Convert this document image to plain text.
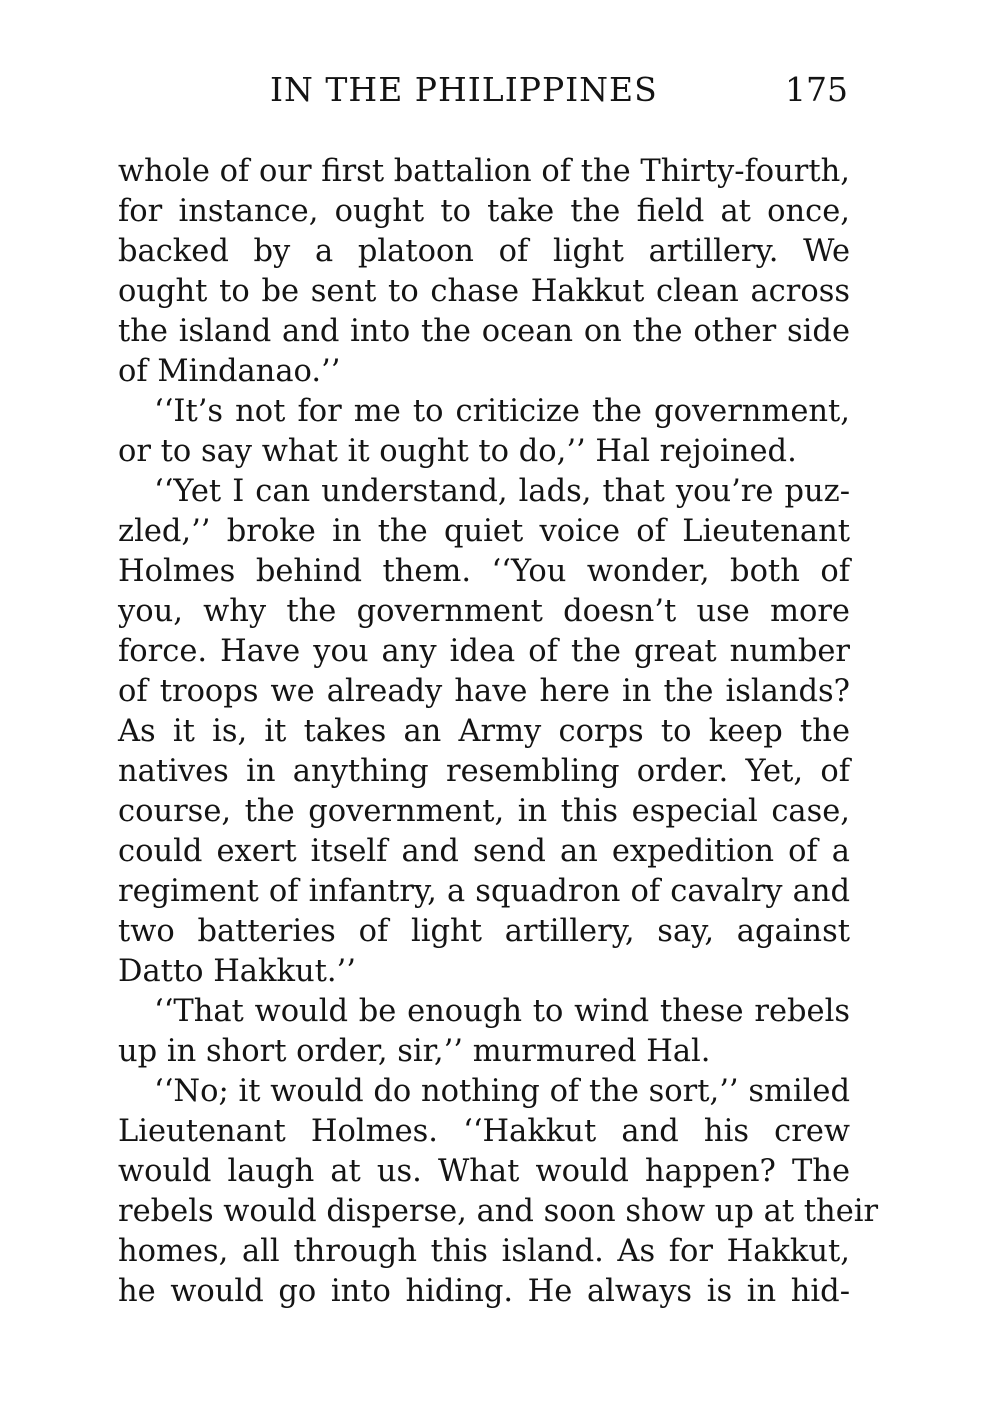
IN THE PHILIPPINES	175
whole of our first battalion of the Thirty-fourth,
for instance, ought to take the field at once,
backed by a platoon of light artillery. We
ought to be sent to chase Hakkut clean across
the island and into the ocean on the other side
of Mindanao.’’
‘‘It’s not for me to criticize the government,
or to say what it ought to do,’’ Hal rejoined.
‘‘Yet I can understand, lads, that you’re puz-
zled,’’ broke in the quiet voice of Lieutenant
Holmes behind them. ‘‘You wonder, both of
you, why the government doesn’t use more
force. Have you any idea of the great number
of troops we already have here in the islands?
As it is, it takes an Army corps to keep the
natives in anything resembling order. Yet, of
course, the government, in this especial case,
could exert itself and send an expedition of a
regiment of infantry, a squadron of cavalry and
two batteries of light artillery, say, against
Datto Hakkut.’’
‘‘That would be enough to wind these rebels
up in short order, sir,’’ murmured Hal.
‘‘No; it would do nothing of the sort,’’ smiled
Lieutenant Holmes. ‘‘Hakkut and his crew
would laugh at us. What would happen? The
rebels would disperse, and soon show up at their
homes, all through this island. As for Hakkut,
he would go into hiding. He always is in hid-
